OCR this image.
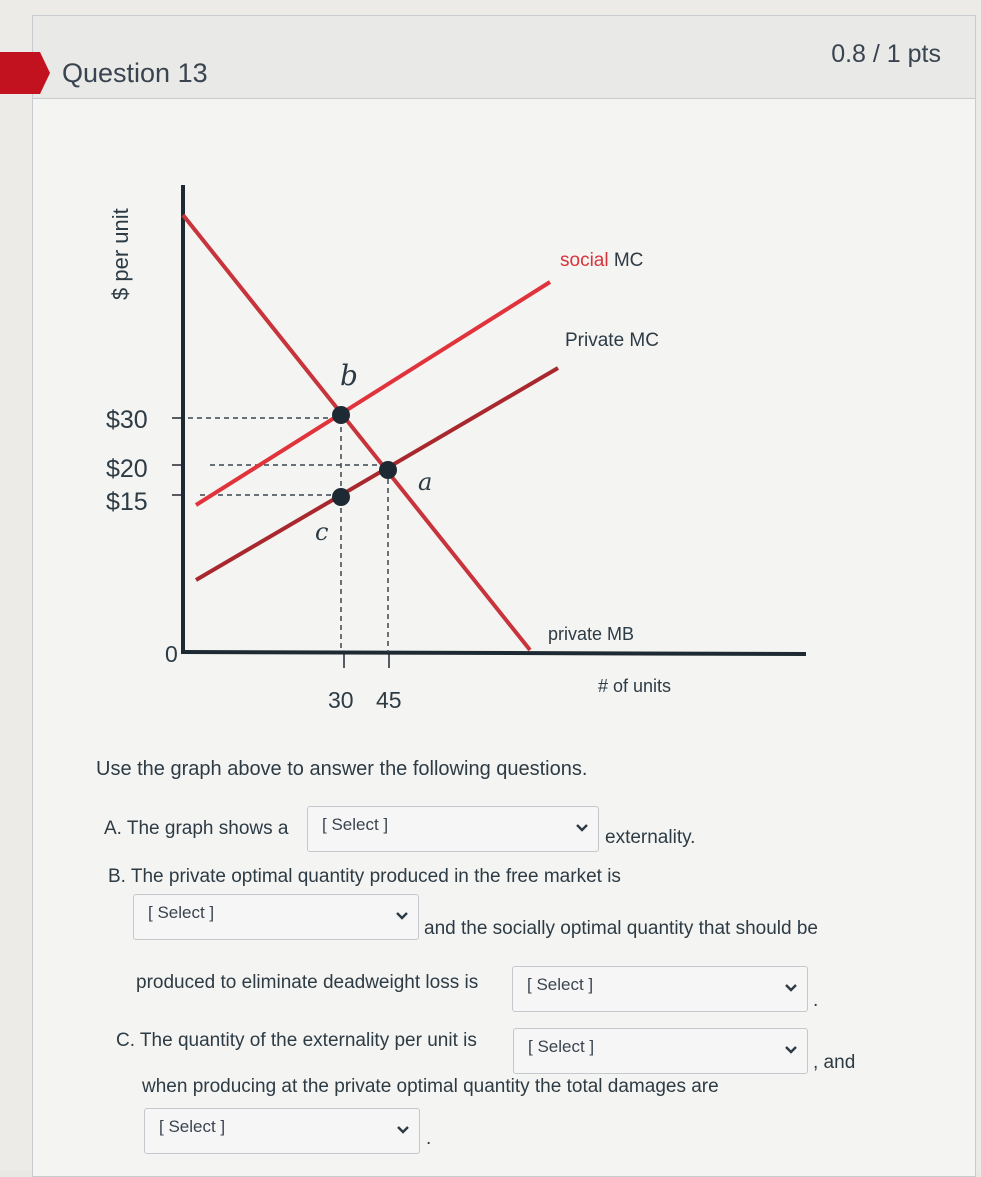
Question 13
0.8 / 1 pts
$ per unit
$30
$20
$15
0
30 45
# of units
social MC
Private MC
private MB
b
a
c
Use the graph above to answer the following questions.
A. The graph shows a [ Select ]
externality.
B. The private optimal quantity produced in the free market is
[ Select ]
and the socially optimal quantity that should be
produced to eliminate deadweight loss is	[ Select ]
.
C. The quantity of the externality per unit is	[ Select ]
, and
when producing at the private optimal quantity the total damages are
[ Select ]
.
